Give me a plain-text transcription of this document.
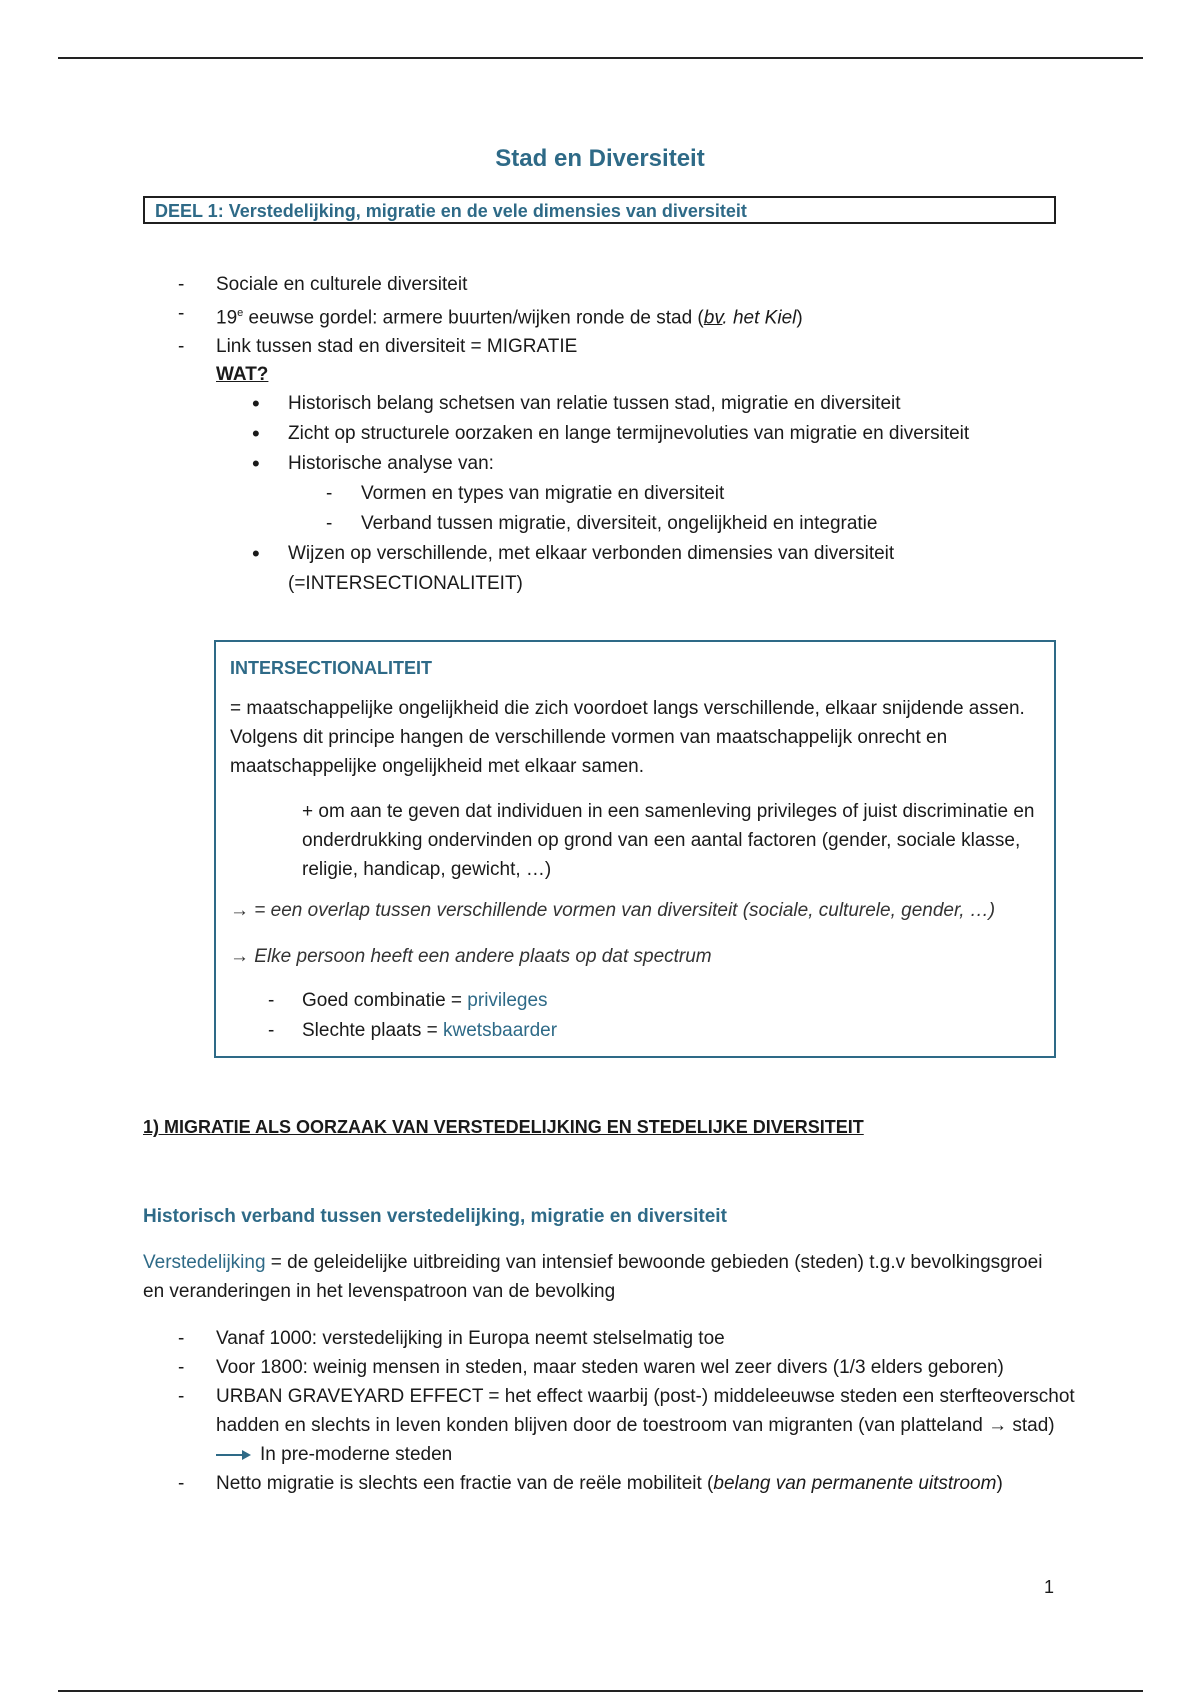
Stad en Diversiteit
DEEL 1: Verstedelijking, migratie en de vele dimensies van diversiteit
- Sociale en culturele diversiteit
- 19e eeuwse gordel: armere buurten/wijken ronde de stad (bv. het Kiel)
- Link tussen stad en diversiteit = MIGRATIE
WAT?
• Historisch belang schetsen van relatie tussen stad, migratie en diversiteit
• Zicht op structurele oorzaken en lange termijnevoluties van migratie en diversiteit
• Historische analyse van:
- Vormen en types van migratie en diversiteit
- Verband tussen migratie, diversiteit, ongelijkheid en integratie
• Wijzen op verschillende, met elkaar verbonden dimensies van diversiteit (=INTERSECTIONALITEIT)
INTERSECTIONALITEIT
= maatschappelijke ongelijkheid die zich voordoet langs verschillende, elkaar snijdende assen. Volgens dit principe hangen de verschillende vormen van maatschappelijk onrecht en maatschappelijke ongelijkheid met elkaar samen.
+ om aan te geven dat individuen in een samenleving privileges of juist discriminatie en onderdrukking ondervinden op grond van een aantal factoren (gender, sociale klasse, religie, handicap, gewicht, …)
→ = een overlap tussen verschillende vormen van diversiteit (sociale, culturele, gender, …)
→ Elke persoon heeft een andere plaats op dat spectrum
- Goed combinatie = privileges
- Slechte plaats = kwetsbaarder
1) MIGRATIE ALS OORZAAK VAN VERSTEDELIJKING EN STEDELIJKE DIVERSITEIT
Historisch verband tussen verstedelijking, migratie en diversiteit
Verstedelijking = de geleidelijke uitbreiding van intensief bewoonde gebieden (steden) t.g.v bevolkingsgroei en veranderingen in het levenspatroon van de bevolking
- Vanaf 1000: verstedelijking in Europa neemt stelselmatig toe
- Voor 1800: weinig mensen in steden, maar steden waren wel zeer divers (1/3 elders geboren)
- URBAN GRAVEYARD EFFECT = het effect waarbij (post-) middeleeuwse steden een sterfteoverschot hadden en slechts in leven konden blijven door de toestroom van migranten (van platteland → stad)
In pre-moderne steden
- Netto migratie is slechts een fractie van de reële mobiliteit (belang van permanente uitstroom)
1
